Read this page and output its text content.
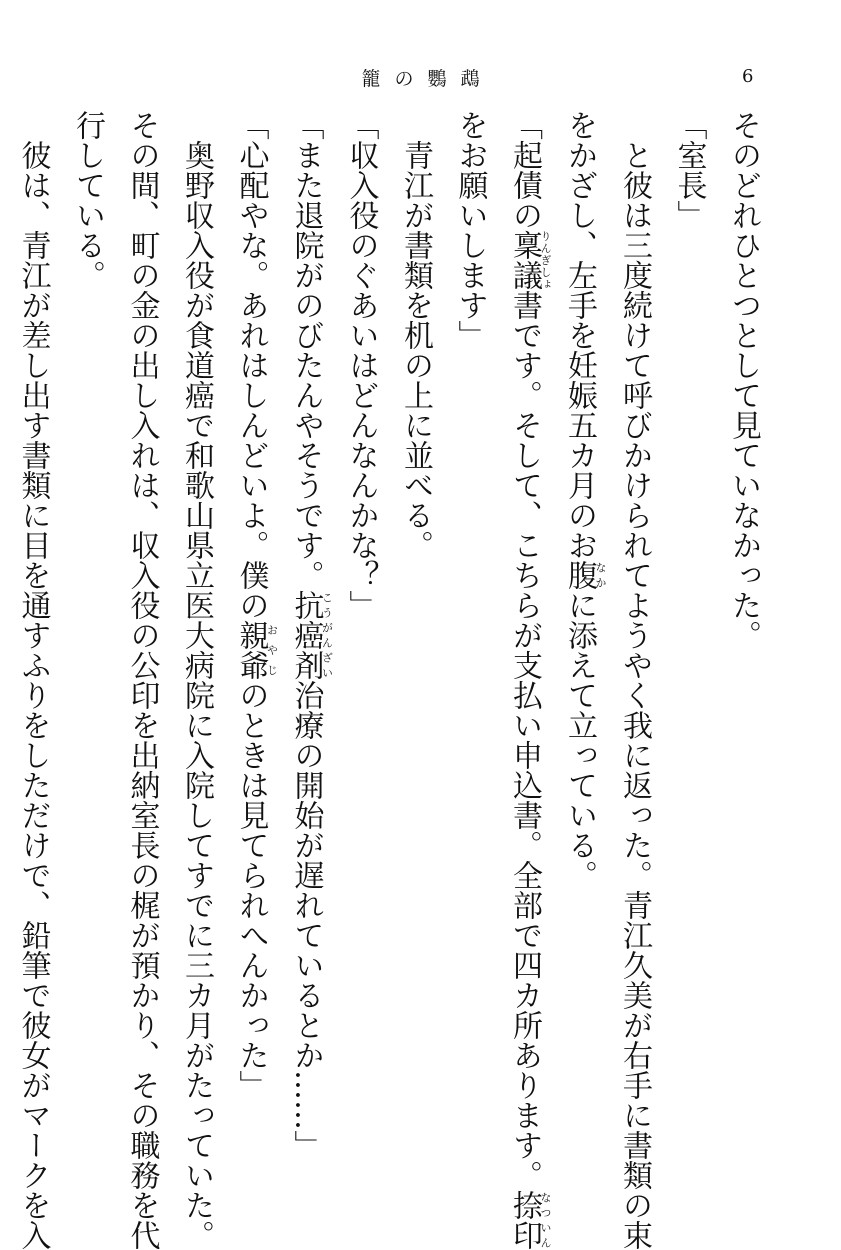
籠の鸚鵡	6
そのどれひとつとして見ていなかった。
「室長」
　と彼は三度続けて呼びかけられてようやく我に返った。青江久美が右手に書類の束
をかざし、左手を妊娠五カ月のお腹なかに添えて立っている。
「起債の稟議りんぎしょ書です。そして、こちらが支払い申込書。全部で四カ所あります。捺印なついん
をお願いします」
　青江が書類を机の上に並べる。
「収入役のぐあいはどんなんかな？」
「また退院がのびたんやそうです。抗癌剤こうがんざい治療の開始が遅れているとか……」
「心配やな。あれはしんどいよ。僕の親爺おやじのときは見てられへんかった」
　奥野収入役が食道癌で和歌山県立医大病院に入院してすでに三カ月がたっていた。
その間、町の金の出し入れは、収入役の公印を出納室長の梶が預かり、その職務を代
行している。
　彼は、青江が差し出す書類に目を通すふりをしただけで、鉛筆で彼女がマークを入
